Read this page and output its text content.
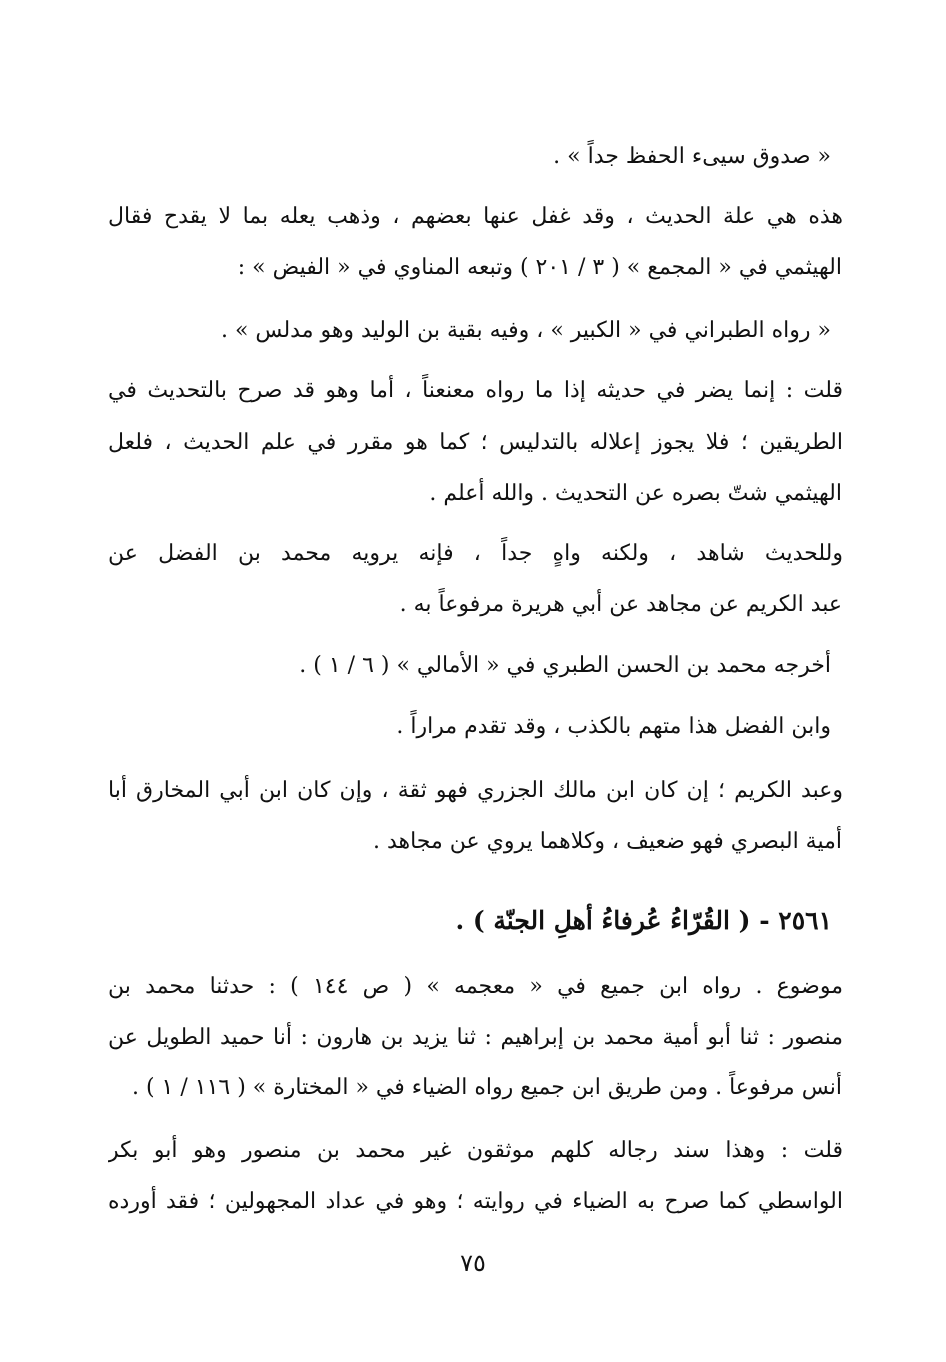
« صدوق سيىء الحفظ جداً » .
هذه هي علة الحديث ، وقد غفل عنها بعضهم ، وذهب يعله بما لا يقدح فقال
الهيثمي في « المجمع » ( ٣ / ٢٠١ ) وتبعه المناوي في « الفيض » :
« رواه الطبراني في « الكبير » ، وفيه بقية بن الوليد وهو مدلس » .
قلت : إنما يضر في حديثه إذا ما رواه معنعناً ، أما وهو قد صرح بالتحديث في
الطريقين ؛ فلا يجوز إعلاله بالتدليس ؛ كما هو مقرر في علم الحديث ، فلعل
الهيثمي شتّ بصره عن التحديث . والله أعلم .
وللحديث شاهد ، ولكنه واهٍ جداً ، فإنه يرويه محمد بن الفضل عن
عبد الكريم عن مجاهد عن أبي هريرة مرفوعاً به .
أخرجه محمد بن الحسن الطبري في « الأمالي » ( ٦ / ١ ) .
وابن الفضل هذا متهم بالكذب ، وقد تقدم مراراً .
وعبد الكريم ؛ إن كان ابن مالك الجزري فهو ثقة ، وإن كان ابن أبي المخارق أبا
أمية البصري فهو ضعيف ، وكلاهما يروي عن مجاهد .
٢٥٦١ - ( القُرّاءُ عُرفاءُ أهلِ الجنّة ) .
موضوع . رواه ابن جميع في « معجمه » ( ص ١٤٤ ) : حدثنا محمد بن
منصور : ثنا أبو أمية محمد بن إبراهيم : ثنا يزيد بن هارون : أنا حميد الطويل عن
أنس مرفوعاً . ومن طريق ابن جميع رواه الضياء في « المختارة » ( ١١٦ / ١ ) .
قلت : وهذا سند رجاله كلهم موثقون غير محمد بن منصور وهو أبو بكر
الواسطي كما صرح به الضياء في روايته ؛ وهو في عداد المجهولين ؛ فقد أورده
٧٥
